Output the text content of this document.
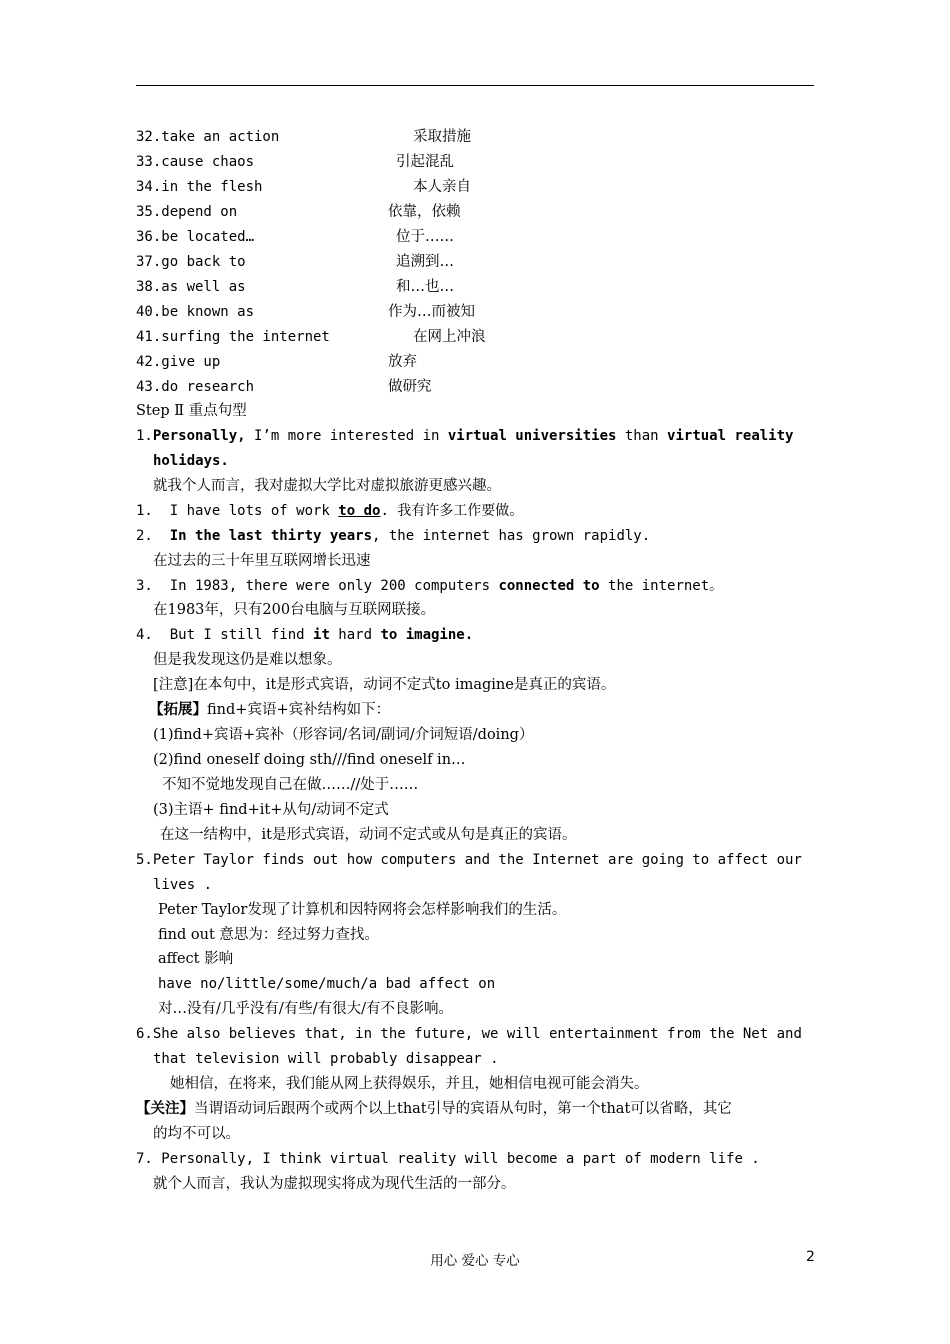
32.take an action	采取措施
33.cause chaos	引起混乱
34.in the flesh	本人亲自
35.depend on	依靠，依赖
36.be located…	位于……
37.go back to	追溯到…
38.as well as	和…也…
40.be known as	作为…而被知
41.surfing the internet	在网上冲浪
42.give up	放弃
43.do research	做研究
Step Ⅱ 重点句型
1.Personally, I’m more interested in virtual universities than virtual reality
holidays.
就我个人而言，我对虚拟大学比对虚拟旅游更感兴趣。
1.  I have lots of work to do. 我有许多工作要做。
2.  In the last thirty years, the internet has grown rapidly.
在过去的三十年里互联网增长迅速
3.  In 1983, there were only 200 computers connected to the internet。
在1983年，只有200台电脑与互联网联接。
4.  But I still find it hard to imagine.
但是我发现这仍是难以想象。
[注意]在本句中，it是形式宾语，动词不定式to imagine是真正的宾语。
【拓展】find+宾语+宾补结构如下：
(1)find+宾语+宾补（形容词/名词/副词/介词短语/doing）
(2)find oneself doing sth///find oneself in…
不知不觉地发现自己在做……//处于……
(3)主语+ find+it+从句/动词不定式
在这一结构中，it是形式宾语，动词不定式或从句是真正的宾语。
5.Peter Taylor finds out how computers and the Internet are going to affect our
lives .
Peter Taylor发现了计算机和因特网将会怎样影响我们的生活。
find out 意思为：经过努力查找。
affect 影响
have no/little/some/much/a bad affect on
对…没有/几乎没有/有些/有很大/有不良影响。
6.She also believes that, in the future, we will entertainment from the Net and
that television will probably disappear .
她相信，在将来，我们能从网上获得娱乐，并且，她相信电视可能会消失。
【关注】当谓语动词后跟两个或两个以上that引导的宾语从句时，第一个that可以省略，其它
的均不可以。
7. Personally, I think virtual reality will become a part of modern life .
就个人而言，我认为虚拟现实将成为现代生活的一部分。
用心 爱心 专心	2
